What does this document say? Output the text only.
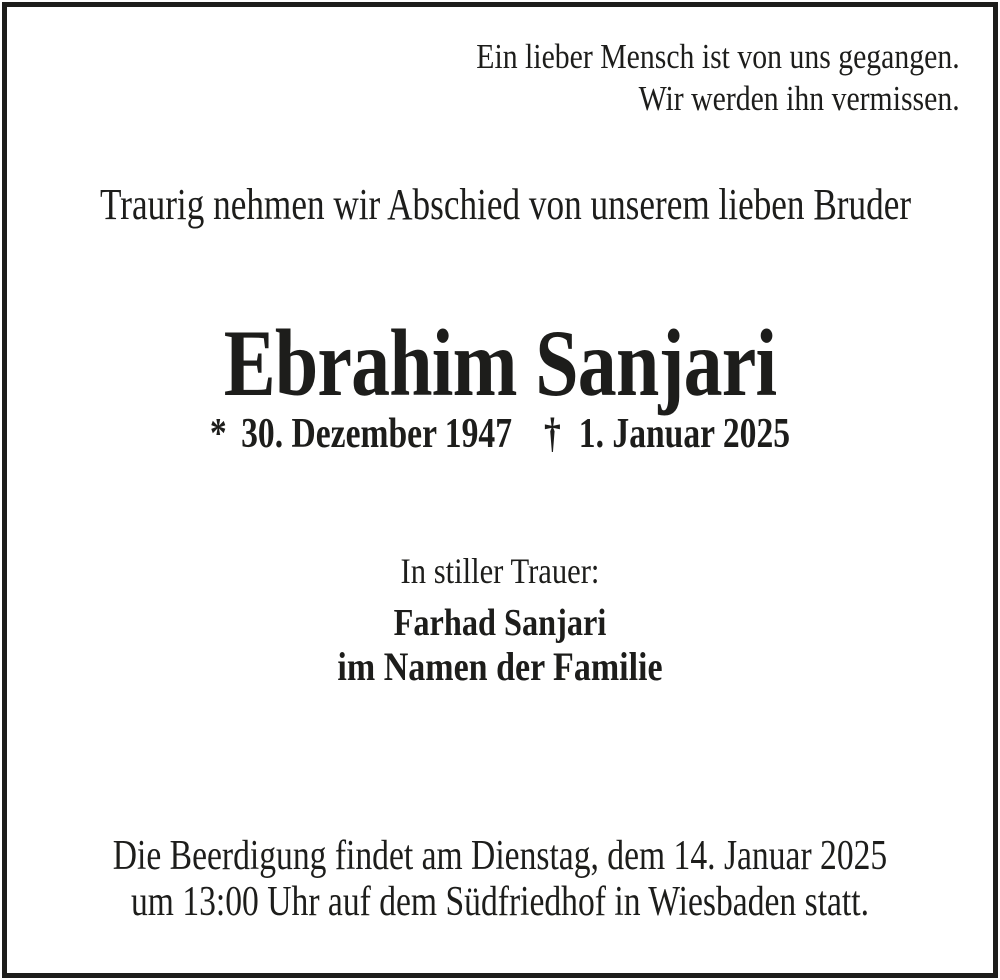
Ein lieber Mensch ist von uns gegangen.
Wir werden ihn vermissen.
Traurig nehmen wir Abschied von unserem lieben Bruder
Ebrahim Sanjari
* 30. Dezember 1947 † 1. Januar 2025
In stiller Trauer:
Farhad Sanjari
im Namen der Familie
Die Beerdigung findet am Dienstag, dem 14. Januar 2025
um 13:00 Uhr auf dem Südfriedhof in Wiesbaden statt.
